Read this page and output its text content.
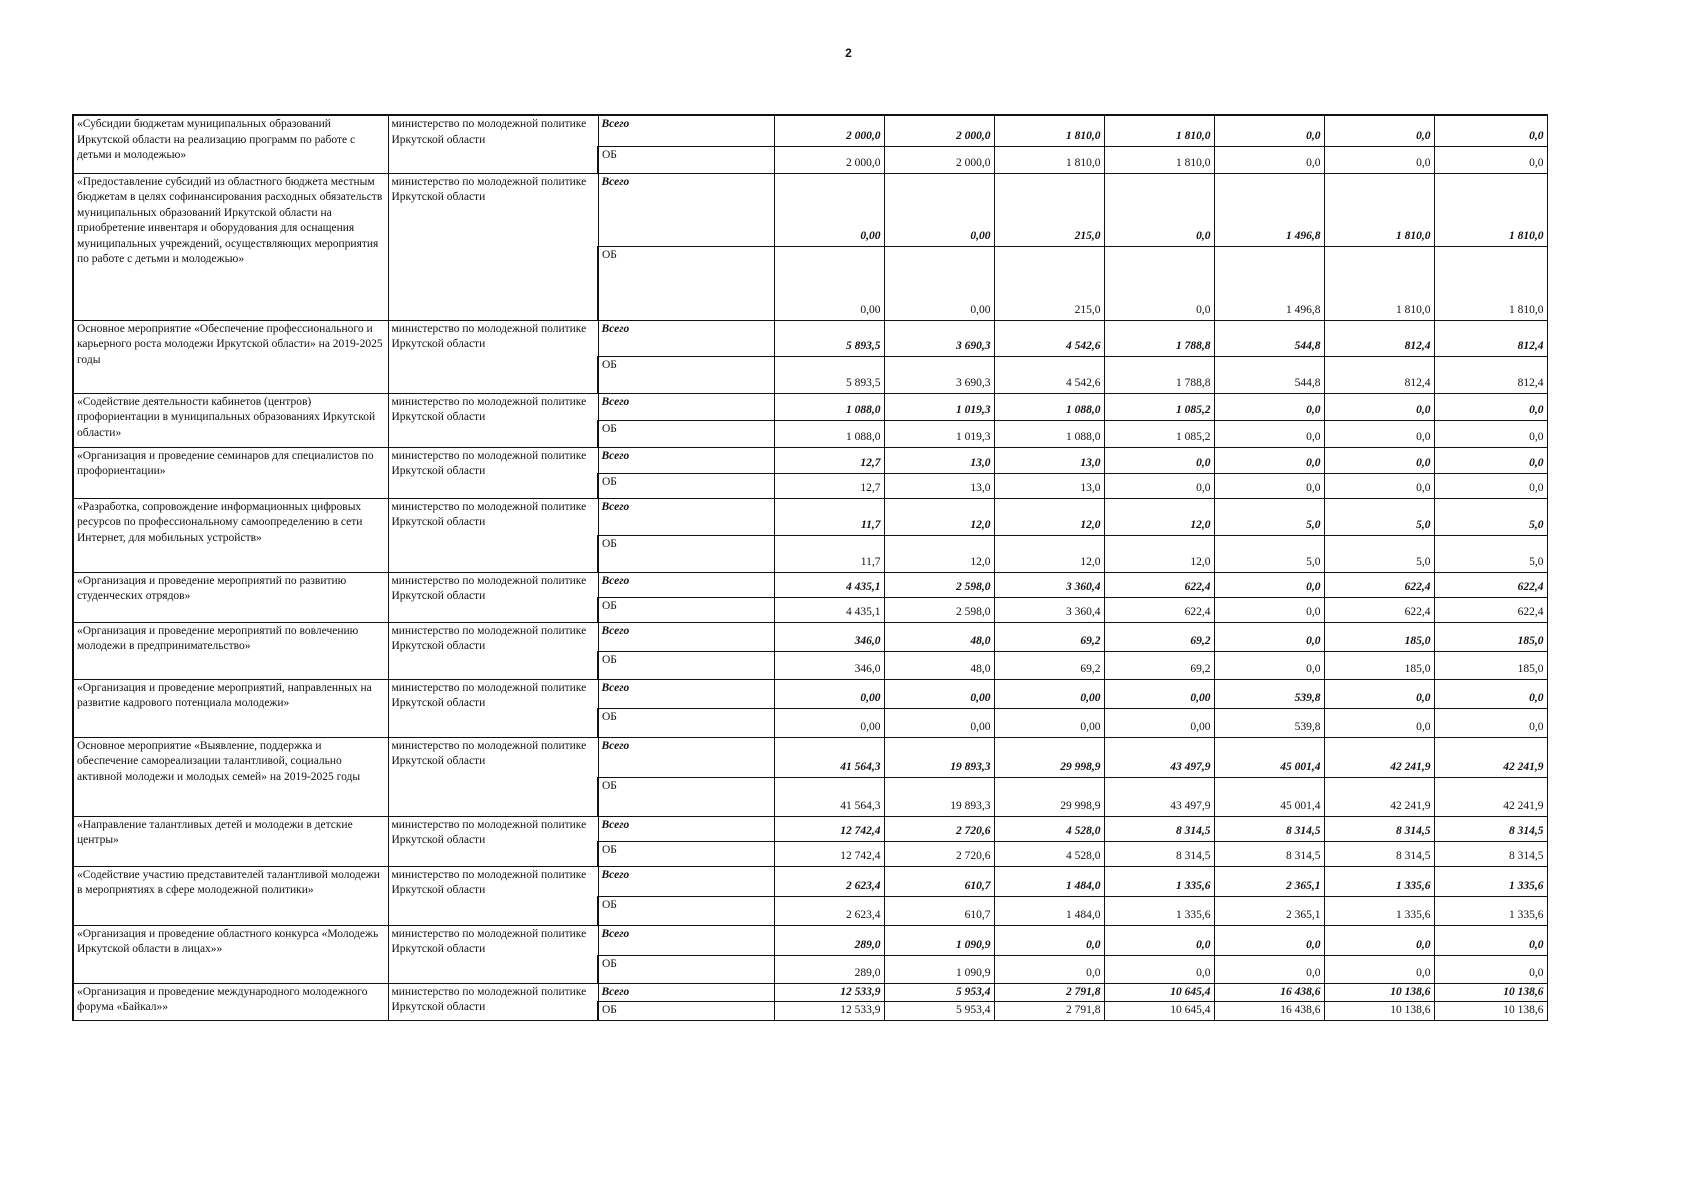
2
«Субсидии бюджетам муниципальных образований Иркутской области на реализацию программ по работе с детьми и молодежью»	министерство по молодежной политике Иркутской области	Всего	2 000,0	2 000,0	1 810,0	1 810,0	0,0	0,0	0,0
		ОБ	2 000,0	2 000,0	1 810,0	1 810,0	0,0	0,0	0,0
«Предоставление субсидий из областного бюджета местным бюджетам в целях софинансирования расходных обязательств муниципальных образований Иркутской области на приобретение инвентаря и оборудования для оснащения муниципальных учреждений, осуществляющих мероприятия по работе с детьми и молодежью»	министерство по молодежной политике Иркутской области	Всего	0,00	0,00	215,0	0,0	1 496,8	1 810,0	1 810,0
		ОБ	0,00	0,00	215,0	0,0	1 496,8	1 810,0	1 810,0
Основное мероприятие «Обеспечение профессионального и карьерного роста молодежи Иркутской области» на 2019-2025 годы	министерство по молодежной политике Иркутской области	Всего	5 893,5	3 690,3	4 542,6	1 788,8	544,8	812,4	812,4
		ОБ	5 893,5	3 690,3	4 542,6	1 788,8	544,8	812,4	812,4
«Содействие деятельности кабинетов (центров) профориентации в муниципальных образованиях Иркутской области»	министерство по молодежной политике Иркутской области	Всего	1 088,0	1 019,3	1 088,0	1 085,2	0,0	0,0	0,0
		ОБ	1 088,0	1 019,3	1 088,0	1 085,2	0,0	0,0	0,0
«Организация и проведение семинаров для специалистов по профориентации»	министерство по молодежной политике Иркутской области	Всего	12,7	13,0	13,0	0,0	0,0	0,0	0,0
		ОБ	12,7	13,0	13,0	0,0	0,0	0,0	0,0
«Разработка, сопровождение информационных цифровых ресурсов по профессиональному самоопределению в сети Интернет, для мобильных устройств»	министерство по молодежной политике Иркутской области	Всего	11,7	12,0	12,0	12,0	5,0	5,0	5,0
		ОБ	11,7	12,0	12,0	12,0	5,0	5,0	5,0
«Организация и проведение мероприятий по развитию студенческих отрядов»	министерство по молодежной политике Иркутской области	Всего	4 435,1	2 598,0	3 360,4	622,4	0,0	622,4	622,4
		ОБ	4 435,1	2 598,0	3 360,4	622,4	0,0	622,4	622,4
«Организация и проведение мероприятий по вовлечению молодежи в предпринимательство»	министерство по молодежной политике Иркутской области	Всего	346,0	48,0	69,2	69,2	0,0	185,0	185,0
		ОБ	346,0	48,0	69,2	69,2	0,0	185,0	185,0
«Организация и проведение мероприятий, направленных на развитие кадрового потенциала молодежи»	министерство по молодежной политике Иркутской области	Всего	0,00	0,00	0,00	0,00	539,8	0,0	0,0
		ОБ	0,00	0,00	0,00	0,00	539,8	0,0	0,0
Основное мероприятие «Выявление, поддержка и обеспечение самореализации талантливой, социально активной молодежи и молодых семей» на 2019-2025 годы	министерство по молодежной политике Иркутской области	Всего	41 564,3	19 893,3	29 998,9	43 497,9	45 001,4	42 241,9	42 241,9
		ОБ	41 564,3	19 893,3	29 998,9	43 497,9	45 001,4	42 241,9	42 241,9
«Направление талантливых детей и молодежи в детские центры»	министерство по молодежной политике Иркутской области	Всего	12 742,4	2 720,6	4 528,0	8 314,5	8 314,5	8 314,5	8 314,5
		ОБ	12 742,4	2 720,6	4 528,0	8 314,5	8 314,5	8 314,5	8 314,5
«Содействие участию представителей талантливой молодежи в мероприятиях в сфере молодежной политики»	министерство по молодежной политике Иркутской области	Всего	2 623,4	610,7	1 484,0	1 335,6	2 365,1	1 335,6	1 335,6
		ОБ	2 623,4	610,7	1 484,0	1 335,6	2 365,1	1 335,6	1 335,6
«Организация и проведение областного конкурса «Молодежь Иркутской области в лицах»»	министерство по молодежной политике Иркутской области	Всего	289,0	1 090,9	0,0	0,0	0,0	0,0	0,0
		ОБ	289,0	1 090,9	0,0	0,0	0,0	0,0	0,0
«Организация и проведение международного молодежного форума «Байкал»»	министерство по молодежной политике Иркутской области	Всего	12 533,9	5 953,4	2 791,8	10 645,4	16 438,6	10 138,6	10 138,6
		ОБ	12 533,9	5 953,4	2 791,8	10 645,4	16 438,6	10 138,6	10 138,6
